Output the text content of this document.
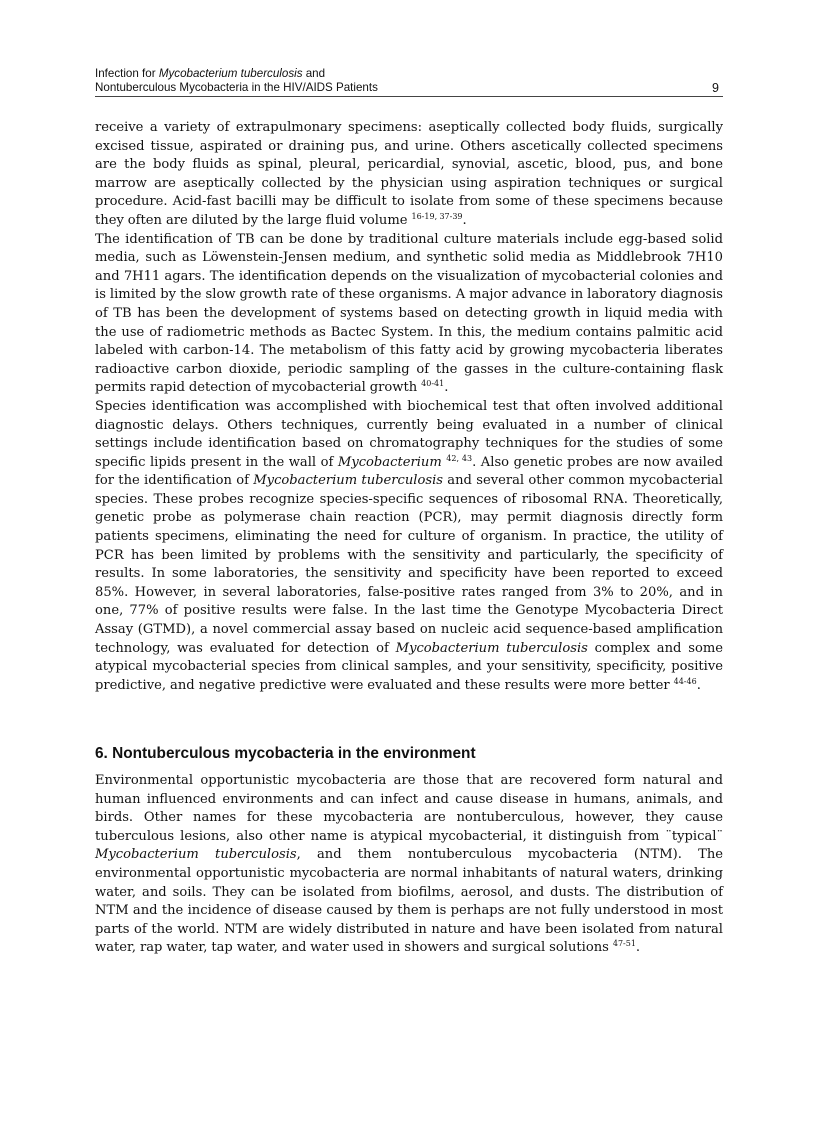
Infection for Mycobacterium tuberculosis and
Nontuberculous Mycobacteria in the HIV/AIDS Patients	9

receive a variety of extrapulmonary specimens: aseptically collected body fluids, surgically excised tissue, aspirated or draining pus, and urine. Others ascetically collected specimens are the body fluids as spinal, pleural, pericardial, synovial, ascetic, blood, pus, and bone marrow are aseptically collected by the physician using aspiration techniques or surgical procedure. Acid-fast bacilli may be difficult to isolate from some of these specimens because they often are diluted by the large fluid volume $^{16-19, 37-39}$.

The identification of TB can be done by traditional culture materials include egg-based solid media, such as Löwenstein-Jensen medium, and synthetic solid media as Middlebrook 7H10 and 7H11 agars. The identification depends on the visualization of mycobacterial colonies and is limited by the slow growth rate of these organisms. A major advance in laboratory diagnosis of TB has been the development of systems based on detecting growth in liquid media with the use of radiometric methods as Bactec System. In this, the medium contains palmitic acid labeled with carbon-14. The metabolism of this fatty acid by growing mycobacteria liberates radioactive carbon dioxide, periodic sampling of the gasses in the culture-containing flask permits rapid detection of mycobacterial growth $^{40-41}$.

Species identification was accomplished with biochemical test that often involved additional diagnostic delays. Others techniques, currently being evaluated in a number of clinical settings include identification based on chromatography techniques for the studies of some specific lipids present in the wall of Mycobacterium $^{42, 43}$. Also genetic probes are now availed for the identification of Mycobacterium tuberculosis and several other common mycobacterial species. These probes recognize species-specific sequences of ribosomal RNA. Theoretically, genetic probe as polymerase chain reaction (PCR), may permit diagnosis directly form patients specimens, eliminating the need for culture of organism. In practice, the utility of PCR has been limited by problems with the sensitivity and particularly, the specificity of results. In some laboratories, the sensitivity and specificity have been reported to exceed 85%. However, in several laboratories, false-positive rates ranged from 3% to 20%, and in one, 77% of positive results were false. In the last time the Genotype Mycobacteria Direct Assay (GTMD), a novel commercial assay based on nucleic acid sequence-based amplification technology, was evaluated for detection of Mycobacterium tuberculosis complex and some atypical mycobacterial species from clinical samples, and your sensitivity, specificity, positive predictive, and negative predictive were evaluated and these results were more better $^{44-46}$.

6. Nontuberculous mycobacteria in the environment

Environmental opportunistic mycobacteria are those that are recovered form natural and human influenced environments and can infect and cause disease in humans, animals, and birds. Other names for these mycobacteria are nontuberculous, however, they cause tuberculous lesions, also other name is atypical mycobacterial, it distinguish from ¨typical¨ Mycobacterium tuberculosis, and them nontuberculous mycobacteria (NTM). The environmental opportunistic mycobacteria are normal inhabitants of natural waters, drinking water, and soils. They can be isolated from biofilms, aerosol, and dusts. The distribution of NTM and the incidence of disease caused by them is perhaps are not fully understood in most parts of the world. NTM are widely distributed in nature and have been isolated from natural water, rap water, tap water, and water used in showers and surgical solutions $^{47-51}$.
